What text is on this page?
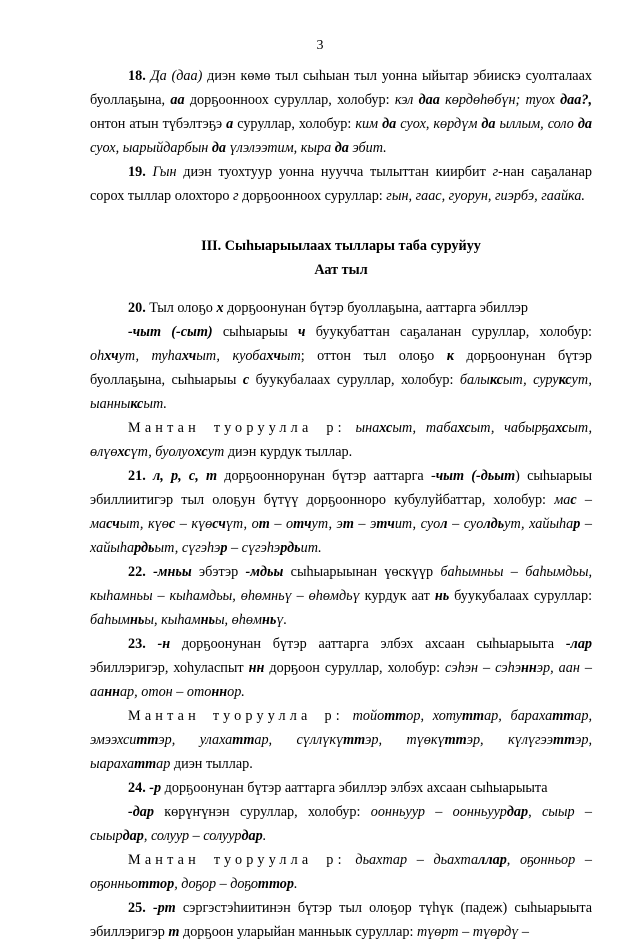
3

18. Да (даа) диэн көмө тыл сыһыан тыл уонна ыйытар эбиискэ суолталаах буоллаҕына, аа дорҕоонноох суруллар, холобур: кэл даа көрдөһөбүн; туох даа?, онтон атын түбэлтэҕэ а суруллар, холобур: ким да суох, көрдүм да ыллым, соло да суох, ыарыйдарбын да үлэлээтим, кыра да эбит.

19. Гын диэн туохтуур уонна нуучча тылыттан киирбит г-нан саҕаланар сорох тыллар олохторо г дорҕоонноох суруллар: гын, гаас, гуорун, гиэрбэ, гаайка.

III. Сыһыарыылаах тыллары таба суруйуу

Аат тыл

20. Тыл олоҕо х дорҕоонунан бүтэр буоллаҕына, ааттарга эбиллэр

-чыт (-сыт) сыһыарыы ч буукубаттан саҕаланан суруллар, холобур: оһхчут, туһахчыт, куобахчыт; оттон тыл олоҕо к дорҕоонунан бүтэр буоллаҕына, сыһыарыы с буукубалаах суруллар, холобур: балыксыт, суруксут, ыанныксыт.

Мантан туоруулла р: ынахсыт, табахсыт, чабырҕахсыт, өлүөхсүт, буолуохсут диэн курдук тыллар.

21. л, р, с, т дорҕооннорунан бүтэр ааттарга -чыт (-дьыт) сыһыарыы эбиллиитигэр тыл олоҕун бүтүү дорҕоонноро кубулуйбаттар, холобур: мас – масчыт, күөс – күөсчүт, от – отчут, эт – этчит, суол – суолдьут, хайыһар – хайыһардьыт, сүгэһэр – сүгэһэрдьит.

22. -мньы эбэтэр -мдьы сыһыарыынан үөскүүр баһымньы – баһымдьы, кыһамньы – кыһамдьы, өһөмньү – өһөмдьү курдук аат нь буукубалаах суруллар: баһымньы, кыһамньы, өһөмньү.

23. -н дорҕоонунан бүтэр ааттарга элбэх ахсаан сыһыарыыта -лар эбиллэригэр, хоһуласпыт нн дорҕоон суруллар, холобур: сэһэн – сэһэннэр, аан – ааннар, отон – отоннор.

Мантан туоруулла р: тойоттор, хотуттар, барахаттар, эмээхситтэр, улахаттар, сүллүкүттэр, түөкүттэр, күлүгээттэр, ыарахаттар диэн тыллар.

24. -р дорҕоонунан бүтэр ааттарга эбиллэр элбэх ахсаан сыһыарыыта

-дар көрүҥүнэн суруллар, холобур: оонньуур – оонньуурдар, сыыр – сыырдар, солуур – солуурдар.

Мантан туоруулла р: дьахтар – дьахталлар, оҕонньор – оҕонньоттор, доҕор – доҕоттор.

25. -рт сэргэстэһиитинэн бүтэр тыл олоҕор түһүк (падеж) сыһыарыыта эбиллэригэр т дорҕоон уларыйан манньык суруллар: түөрт – түөрдү –
